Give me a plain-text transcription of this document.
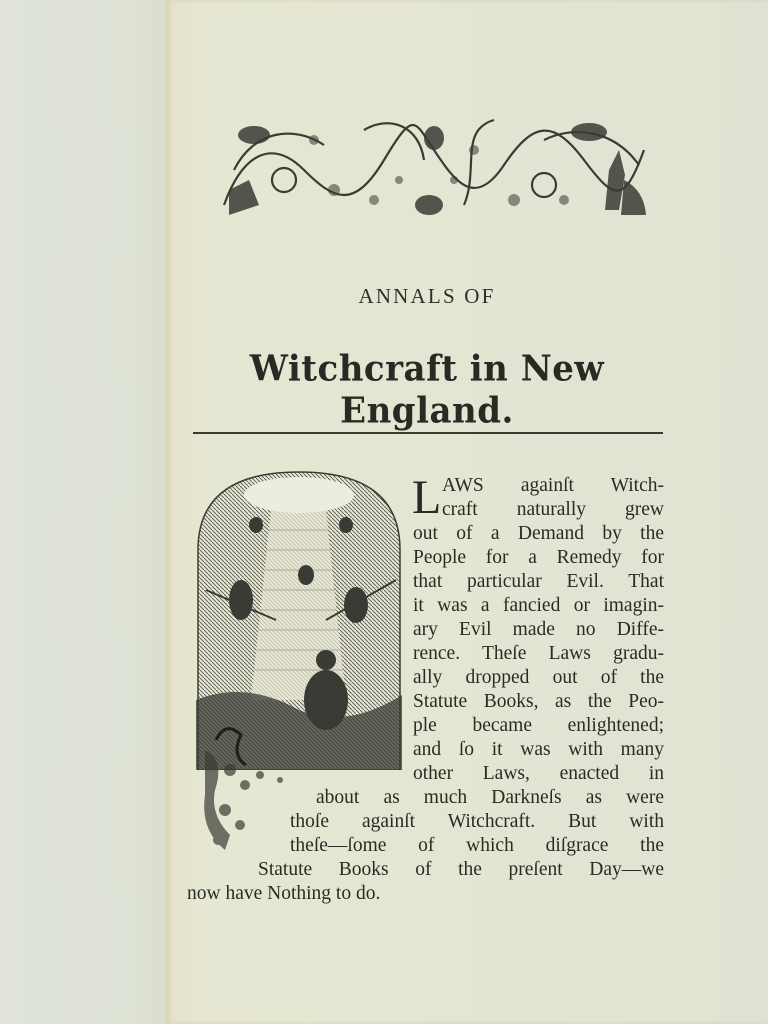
ANNALS OF
Witchcraft in New England.
L AWS againſt Witch-
craft naturally grew
out of a Demand by the
People for a Remedy for
that particular Evil. That
it was a fancied or imagin-
ary Evil made no Diffe-
rence. Theſe Laws gradu-
ally dropped out of the
Statute Books, as the Peo-
ple became enlightened;
and ſo it was with many
other Laws, enacted in
about as much Darkneſs as were
thoſe againſt Witchcraft. But with
theſe—ſome of which diſgrace the
Statute Books of the preſent Day—we
now have Nothing to do.
